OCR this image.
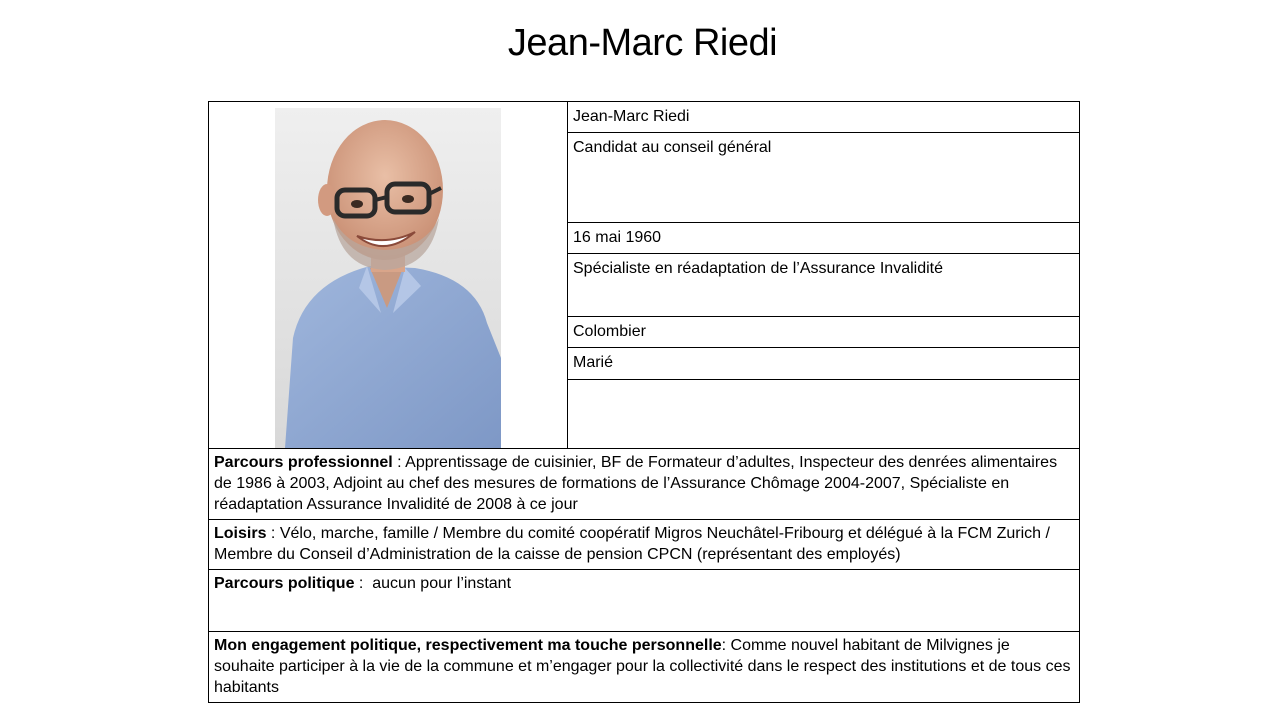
Jean-Marc Riedi
	Jean-Marc Riedi
Candidat au conseil général
16 mai 1960
Spécialiste en réadaptation de l’Assurance Invalidité
Colombier
Marié

Parcours professionnel : Apprentissage de cuisinier, BF de Formateur d’adultes, Inspecteur des denrées alimentaires de 1986 à 2003, Adjoint au chef des mesures de formations de l’Assurance Chômage 2004-2007, Spécialiste en réadaptation Assurance Invalidité de 2008 à ce jour
Loisirs : Vélo, marche, famille / Membre du comité coopératif Migros Neuchâtel-Fribourg et délégué à la FCM Zurich / Membre du Conseil d’Administration de la caisse de pension CPCN (représentant des employés)
Parcours politique :  aucun pour l’instant
Mon engagement politique, respectivement ma touche personnelle: Comme nouvel habitant de Milvignes je souhaite participer à la vie de la commune et m’engager pour la collectivité dans le respect des institutions et de tous ces habitants
